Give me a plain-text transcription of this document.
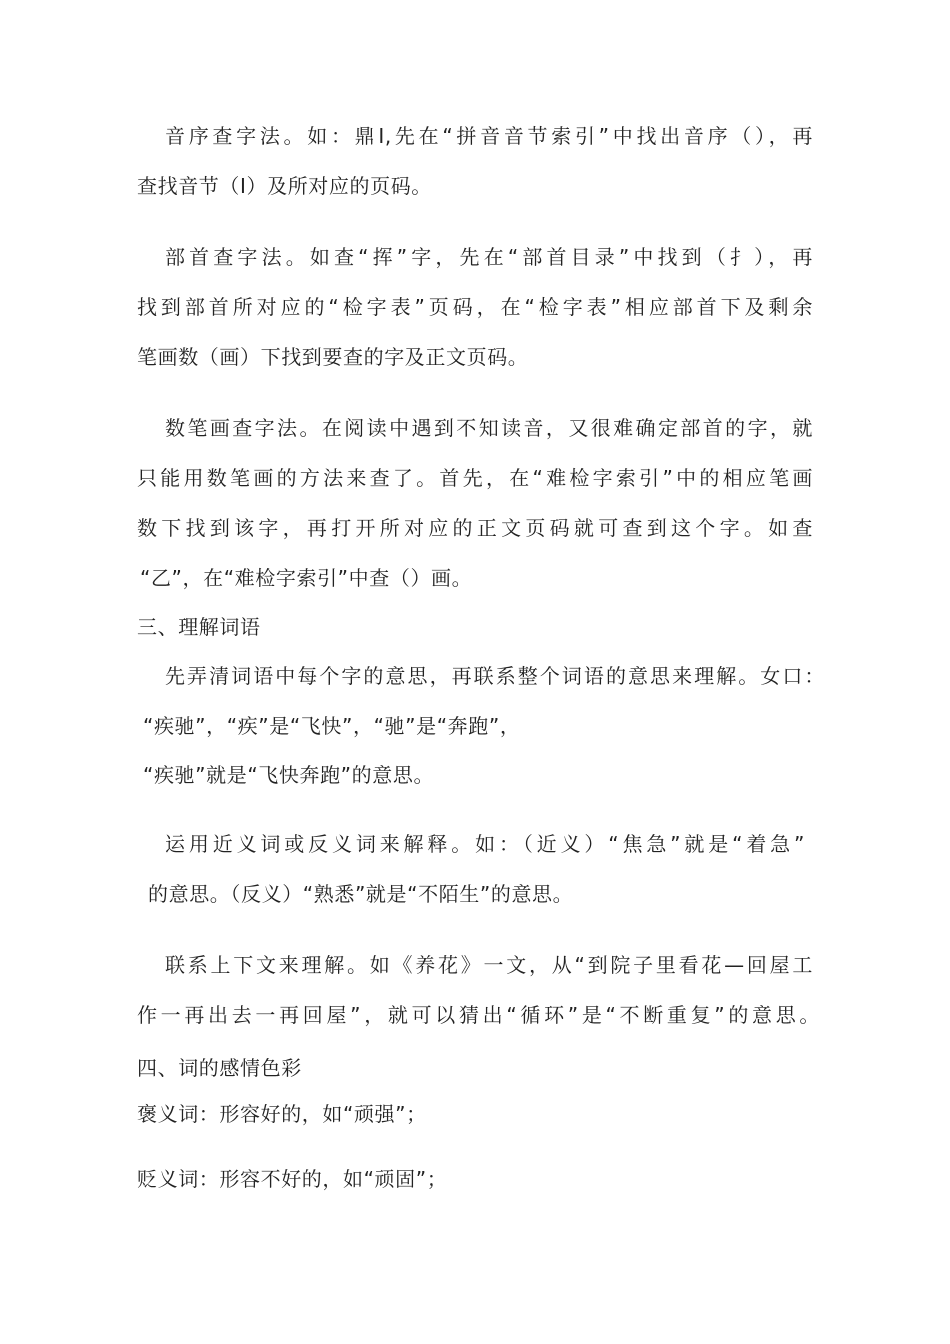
音序查字法。如：鼎I,先在“拼音音节索引”中找出音序（），再
查找音节（I）及所对应的页码。
部首查字法。如查“挥”字，先在“部首目录”中找到（扌），再
找到部首所对应的“检字表”页码，在“检字表”相应部首下及剩余
笔画数（画）下找到要查的字及正文页码。
数笔画查字法。在阅读中遇到不知读音，又很难确定部首的字，就
只能用数笔画的方法来查了。首先，在“难检字索引”中的相应笔画
数下找到该字，再打开所对应的正文页码就可查到这个字。如查
“乙”，在“难检字索引”中查（）画。
三、理解词语
先弄清词语中每个字的意思，再联系整个词语的意思来理解。女口：
“疾驰”，“疾”是“飞快”，“驰”是“奔跑”，
“疾驰”就是“飞快奔跑”的意思。
运用近义词或反义词来解释。如：（近义）“焦急”就是“着急”
的意思。（反义）“熟悉”就是“不陌生”的意思。
联系上下文来理解。如《养花》一文，从“到院子里看花—回屋工
作一再出去一再回屋”，就可以猜出“循环”是“不断重复”的意思。
四、词的感情色彩
褒义词：形容好的，如“顽强”；
贬义词：形容不好的，如“顽固”；
